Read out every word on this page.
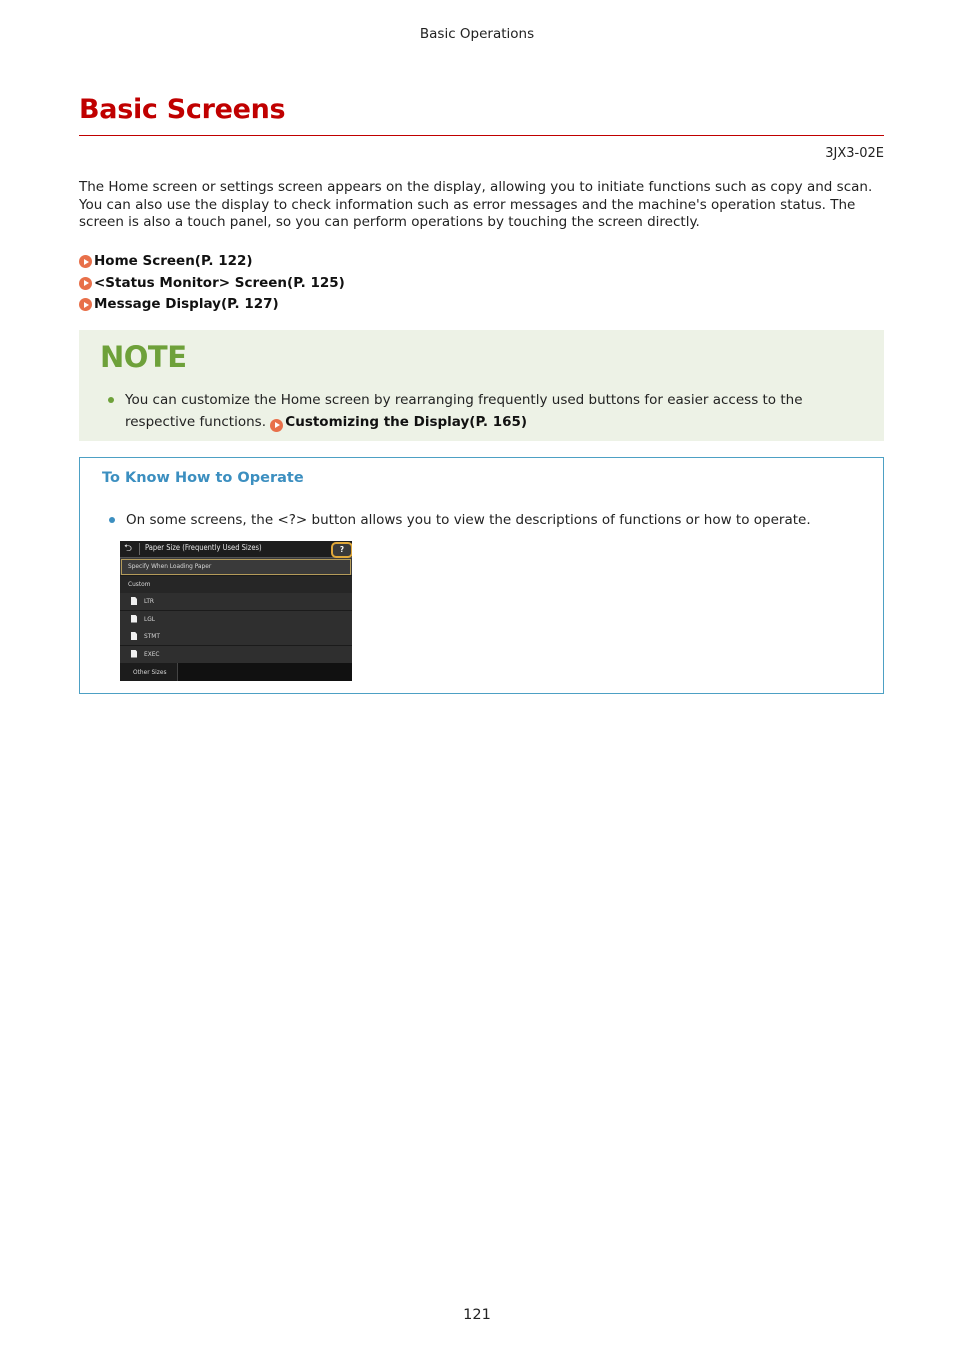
Basic Operations
Basic Screens
3JX3-02E

The Home screen or settings screen appears on the display, allowing you to initiate functions such as copy and scan. You can also use the display to check information such as error messages and the machine's operation status. The screen is also a touch panel, so you can perform operations by touching the screen directly.

Home Screen(P. 122)
<Status Monitor> Screen(P. 125)
Message Display(P. 127)
NOTE
You can customize the Home screen by rearranging frequently used buttons for easier access to the respective functions. Customizing the Display(P. 165)
To Know How to Operate
On some screens, the <?> button allows you to view the descriptions of functions or how to operate.
⮌ Paper Size (Frequently Used Sizes)	?
Specify When Loading Paper
Custom
LTR
LGL
STMT
EXEC
Other Sizes
121
